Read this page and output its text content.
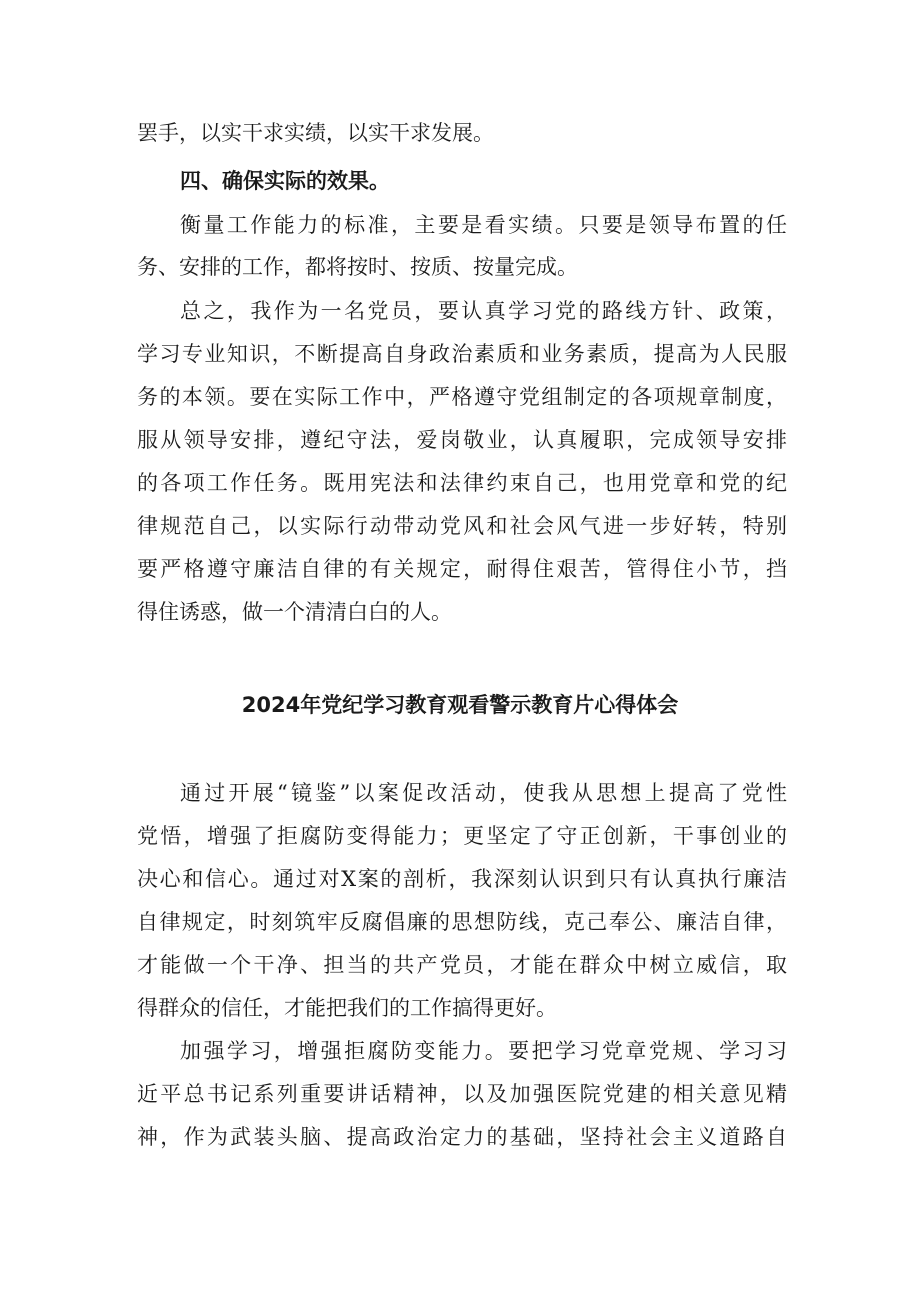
罢手，以实干求实绩，以实干求发展。
四、确保实际的效果。
衡量工作能力的标准，主要是看实绩。只要是领导布置的任
务、安排的工作，都将按时、按质、按量完成。
总之，我作为一名党员，要认真学习党的路线方针、政策，
学习专业知识，不断提高自身政治素质和业务素质，提高为人民服
务的本领。要在实际工作中，严格遵守党组制定的各项规章制度，
服从领导安排，遵纪守法，爱岗敬业，认真履职，完成领导安排
的各项工作任务。既用宪法和法律约束自己，也用党章和党的纪
律规范自己，以实际行动带动党风和社会风气进一步好转，特别
要严格遵守廉洁自律的有关规定，耐得住艰苦，管得住小节，挡
得住诱惑，做一个清清白白的人。
2024年党纪学习教育观看警示教育片心得体会
通过开展“镜鉴”以案促改活动，使我从思想上提高了党性
党悟，增强了拒腐防变得能力；更坚定了守正创新，干事创业的
决心和信心。通过对X案的剖析，我深刻认识到只有认真执行廉洁
自律规定，时刻筑牢反腐倡廉的思想防线，克己奉公、廉洁自律，
才能做一个干净、担当的共产党员，才能在群众中树立威信，取
得群众的信任，才能把我们的工作搞得更好。
加强学习，增强拒腐防变能力。要把学习党章党规、学习习
近平总书记系列重要讲话精神，以及加强医院党建的相关意见精
神，作为武装头脑、提高政治定力的基础，坚持社会主义道路自
